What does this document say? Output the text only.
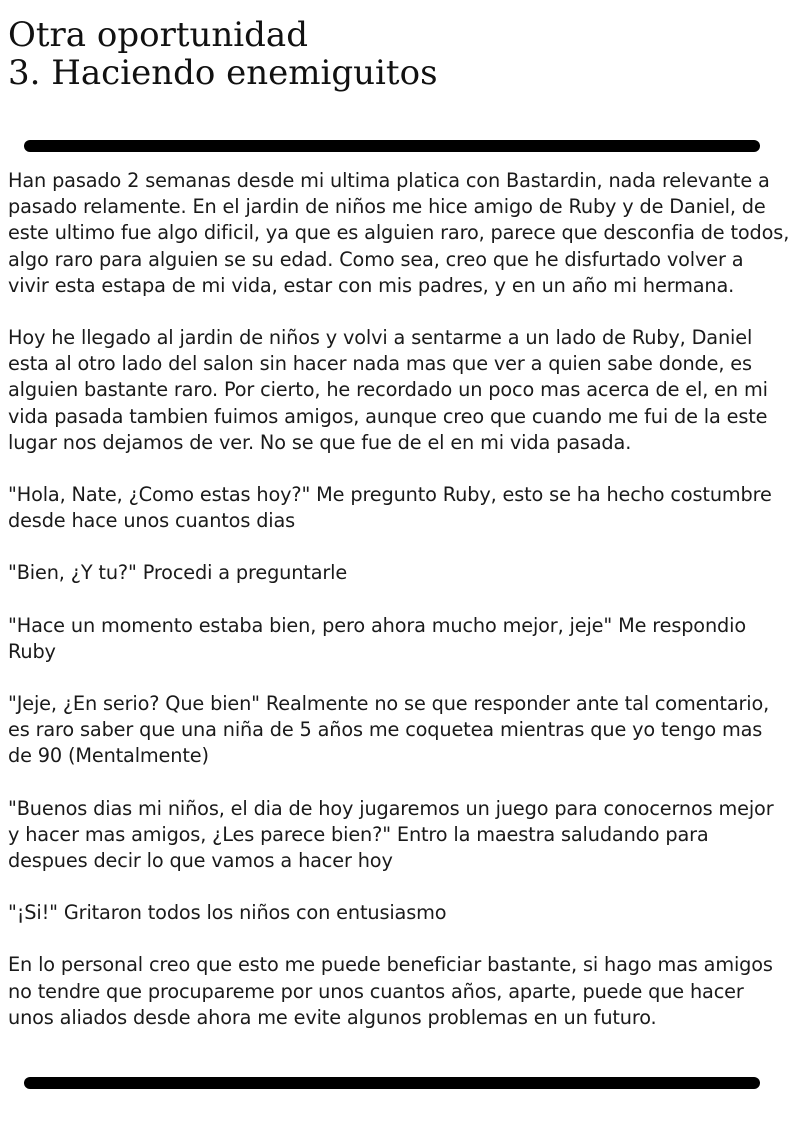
Otra oportunidad
3. Haciendo enemiguitos

Han pasado 2 semanas desde mi ultima platica con Bastardin, nada relevante a pasado relamente. En el jardin de niños me hice amigo de Ruby y de Daniel, de este ultimo fue algo dificil, ya que es alguien raro, parece que desconfia de todos, algo raro para alguien se su edad. Como sea, creo que he disfurtado volver a vivir esta estapa de mi vida, estar con mis padres, y en un año mi hermana.

Hoy he llegado al jardin de niños y volvi a sentarme a un lado de Ruby, Daniel esta al otro lado del salon sin hacer nada mas que ver a quien sabe donde, es alguien bastante raro. Por cierto, he recordado un poco mas acerca de el, en mi vida pasada tambien fuimos amigos, aunque creo que cuando me fui de la este lugar nos dejamos de ver. No se que fue de el en mi vida pasada.

"Hola, Nate, ¿Como estas hoy?" Me pregunto Ruby, esto se ha hecho costumbre desde hace unos cuantos dias

"Bien, ¿Y tu?" Procedi a preguntarle

"Hace un momento estaba bien, pero ahora mucho mejor, jeje" Me respondio Ruby

"Jeje, ¿En serio? Que bien" Realmente no se que responder ante tal comentario, es raro saber que una niña de 5 años me coquetea mientras que yo tengo mas de 90 (Mentalmente)

"Buenos dias mi niños, el dia de hoy jugaremos un juego para conocernos mejor y hacer mas amigos, ¿Les parece bien?" Entro la maestra saludando para despues decir lo que vamos a hacer hoy

"¡Si!" Gritaron todos los niños con entusiasmo

En lo personal creo que esto me puede beneficiar bastante, si hago mas amigos no tendre que procupareme por unos cuantos años, aparte, puede que hacer unos aliados desde ahora me evite algunos problemas en un futuro.
